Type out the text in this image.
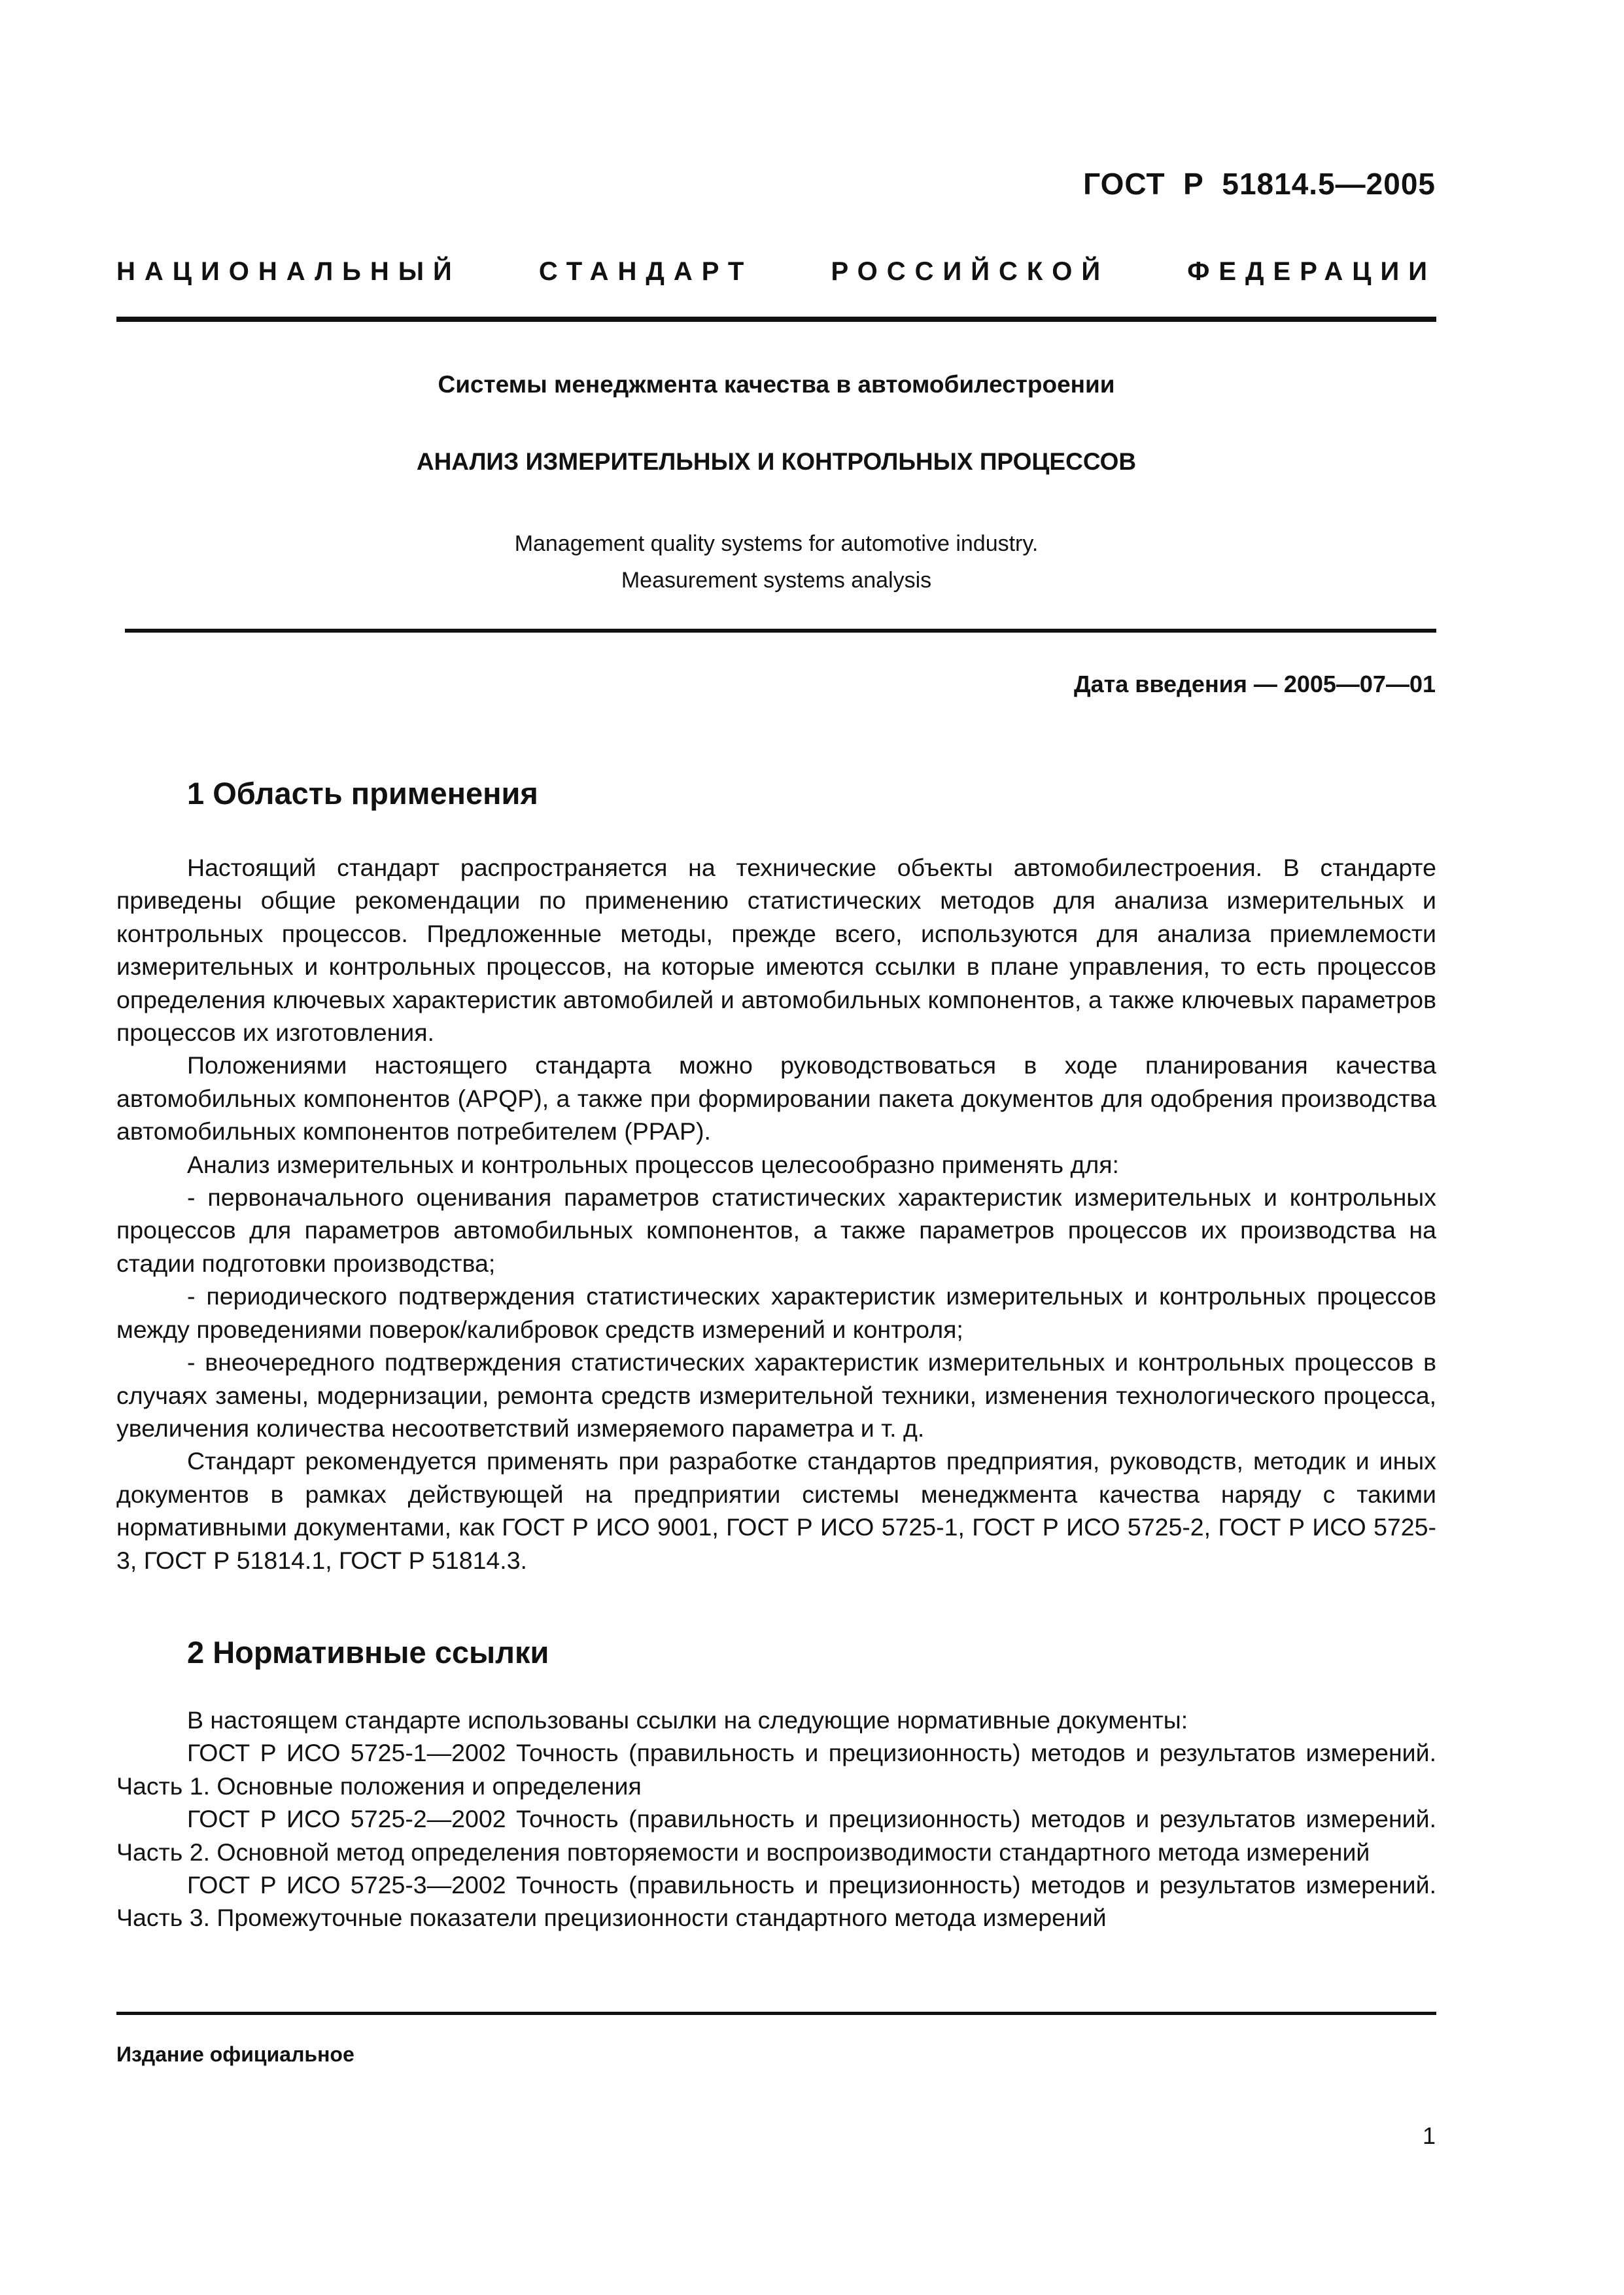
ГОСТ  Р  51814.5—2005
НАЦИОНАЛЬНЫЙ СТАНДАРТ РОССИЙСКОЙ ФЕДЕРАЦИИ
Системы менеджмента качества в автомобилестроении
АНАЛИЗ ИЗМЕРИТЕЛЬНЫХ И КОНТРОЛЬНЫХ ПРОЦЕССОВ
Management quality systems for automotive industry.
Measurement systems analysis
Дата введения — 2005—07—01
1 Область применения

Настоящий стандарт распространяется на технические объекты автомобилестроения. В стандарте приведены общие рекомендации по применению статистических методов для анализа измерительных и контрольных процессов. Предложенные методы, прежде всего, используются для анализа приемлемости измерительных и контрольных процессов, на которые имеются ссылки в плане управления, то есть процессов определения ключевых характеристик автомобилей и автомобильных компонентов, а также ключевых параметров процессов их изготовления.

Положениями настоящего стандарта можно руководствоваться в ходе планирования качества автомобильных компонентов (APQP), а также при формировании пакета документов для одобрения производства автомобильных компонентов потребителем (PPAP).

Анализ измерительных и контрольных процессов целесообразно применять для:

- первоначального оценивания параметров статистических характеристик измерительных и контрольных процессов для параметров автомобильных компонентов, а также параметров процессов их производства на стадии подготовки производства;

- периодического подтверждения статистических характеристик измерительных и контрольных процессов между проведениями поверок/калибровок средств измерений и контроля;

- внеочередного подтверждения статистических характеристик измерительных и контрольных процессов в случаях замены, модернизации, ремонта средств измерительной техники, изменения технологического процесса, увеличения количества несоответствий измеряемого параметра и т. д.

Стандарт рекомендуется применять при разработке стандартов предприятия, руководств, методик и иных документов в рамках действующей на предприятии системы менеджмента качества наряду с такими нормативными документами, как ГОСТ Р ИСО 9001, ГОСТ Р ИСО 5725-1, ГОСТ Р ИСО 5725-2, ГОСТ Р ИСО 5725-3, ГОСТ Р 51814.1, ГОСТ Р 51814.3.

2 Нормативные ссылки

В настоящем стандарте использованы ссылки на следующие нормативные документы:

ГОСТ Р ИСО 5725-1—2002 Точность (правильность и прецизионность) методов и результатов измерений. Часть 1. Основные положения и определения

ГОСТ Р ИСО 5725-2—2002 Точность (правильность и прецизионность) методов и результатов измерений. Часть 2. Основной метод определения повторяемости и воспроизводимости стандартного метода измерений

ГОСТ Р ИСО 5725-3—2002 Точность (правильность и прецизионность) методов и результатов измерений. Часть 3. Промежуточные показатели прецизионности стандартного метода измерений

Издание официальное
1
